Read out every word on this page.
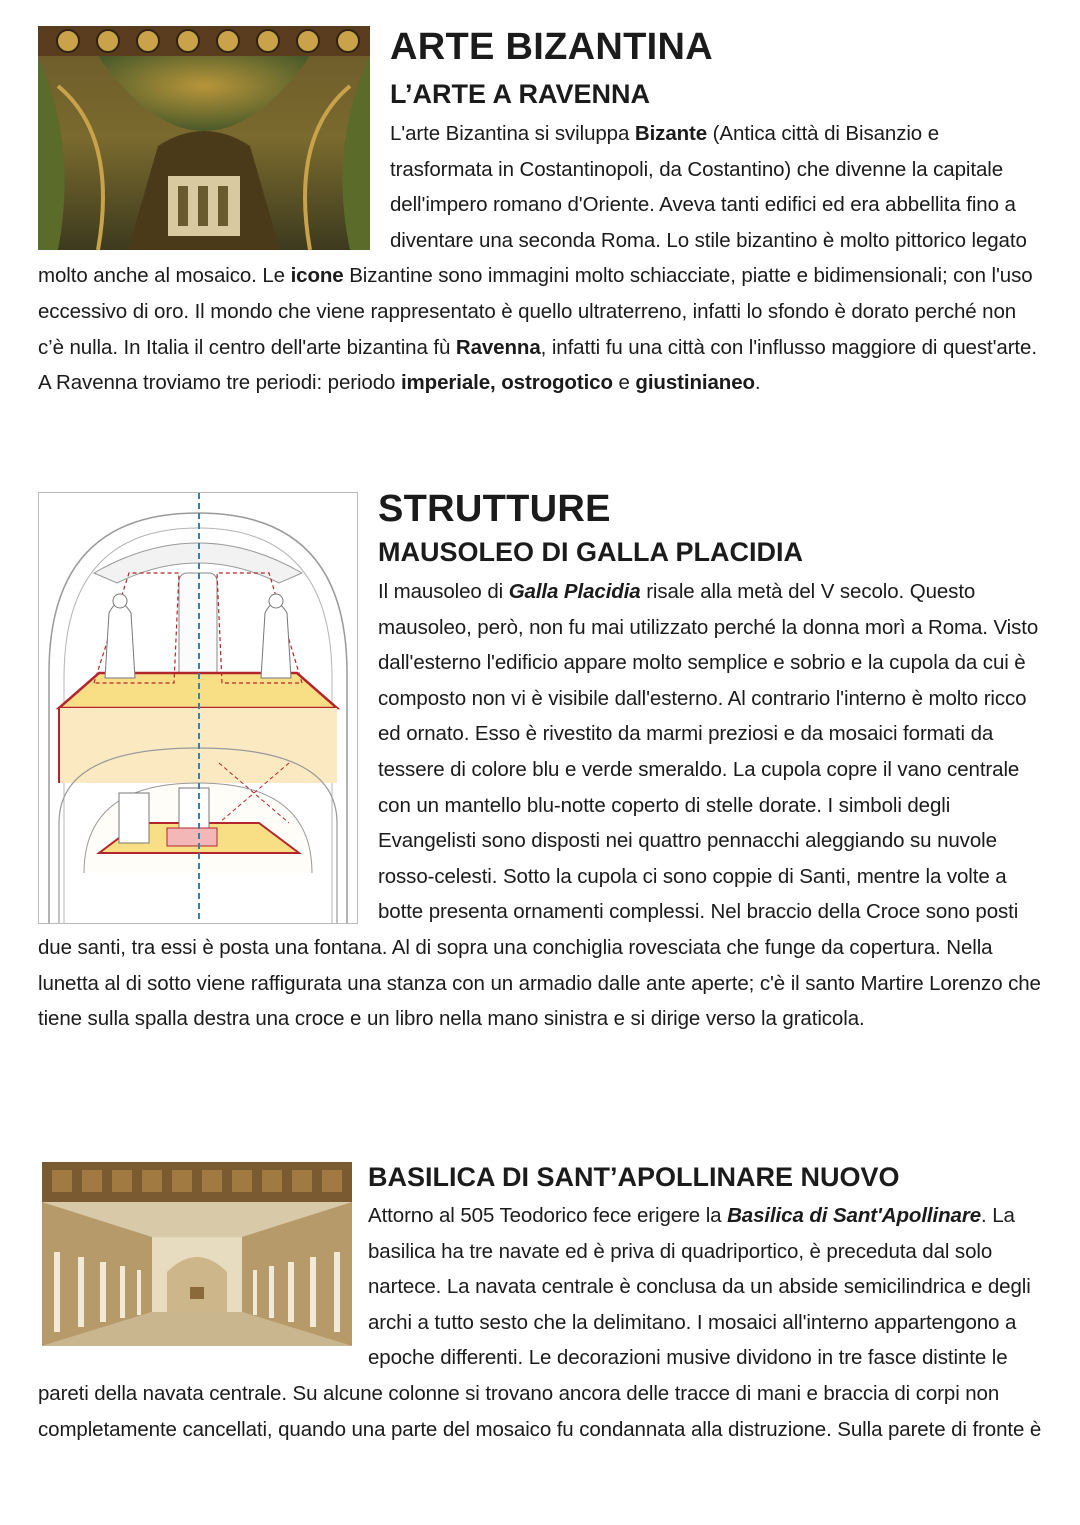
ARTE BIZANTINA
L’ARTE A RAVENNA

L'arte Bizantina si sviluppa Bizante (Antica città di Bisanzio e trasformata in Costantinopoli, da Costantino) che divenne la capitale dell'impero romano d'Oriente. Aveva tanti edifici ed era abbellita fino a diventare una seconda Roma. Lo stile bizantino è molto pittorico legato molto anche al mosaico. Le icone Bizantine sono immagini molto schiacciate, piatte e bidimensionali; con l'uso eccessivo di oro. Il mondo che viene rappresentato è quello ultraterreno, infatti lo sfondo è dorato perché non c’è nulla. In Italia il centro dell'arte bizantina fù Ravenna, infatti fu una città con l'influsso maggiore di quest'arte. A Ravenna troviamo tre periodi: periodo imperiale, ostrogotico e giustinianeo.

STRUTTURE
MAUSOLEO DI GALLA PLACIDIA

Il mausoleo di Galla Placidia risale alla metà del V secolo. Questo mausoleo, però, non fu mai utilizzato perché la donna morì a Roma. Visto dall'esterno l'edificio appare molto semplice e sobrio e la cupola da cui è composto non vi è visibile dall'esterno. Al contrario l'interno è molto ricco ed ornato. Esso è rivestito da marmi preziosi e da mosaici formati da tessere di colore blu e verde smeraldo. La cupola copre il vano centrale con un mantello blu-notte coperto di stelle dorate. I simboli degli Evangelisti sono disposti nei quattro pennacchi aleggiando su nuvole rosso-celesti. Sotto la cupola ci sono coppie di Santi, mentre la volte a botte presenta ornamenti complessi. Nel braccio della Croce sono posti due santi, tra essi è posta una fontana. Al di sopra una conchiglia rovesciata che funge da copertura. Nella lunetta al di sotto viene raffigurata una stanza con un armadio dalle ante aperte; c'è il santo Martire Lorenzo che tiene sulla spalla destra una croce e un libro nella mano sinistra e si dirige verso la graticola.

BASILICA DI SANT’APOLLINARE NUOVO

Attorno al 505 Teodorico fece erigere la Basilica di Sant'Apollinare. La basilica ha tre navate ed è priva di quadriportico, è preceduta dal solo nartece. La navata centrale è conclusa da un abside semicilindrica e degli archi a tutto sesto che la delimitano. I mosaici all'interno appartengono a epoche differenti. Le decorazioni musive dividono in tre fasce distinte le pareti della navata centrale. Su alcune colonne si trovano ancora delle tracce di mani e braccia di corpi non completamente cancellati, quando una parte del mosaico fu condannata alla distruzione. Sulla parete di fronte è
